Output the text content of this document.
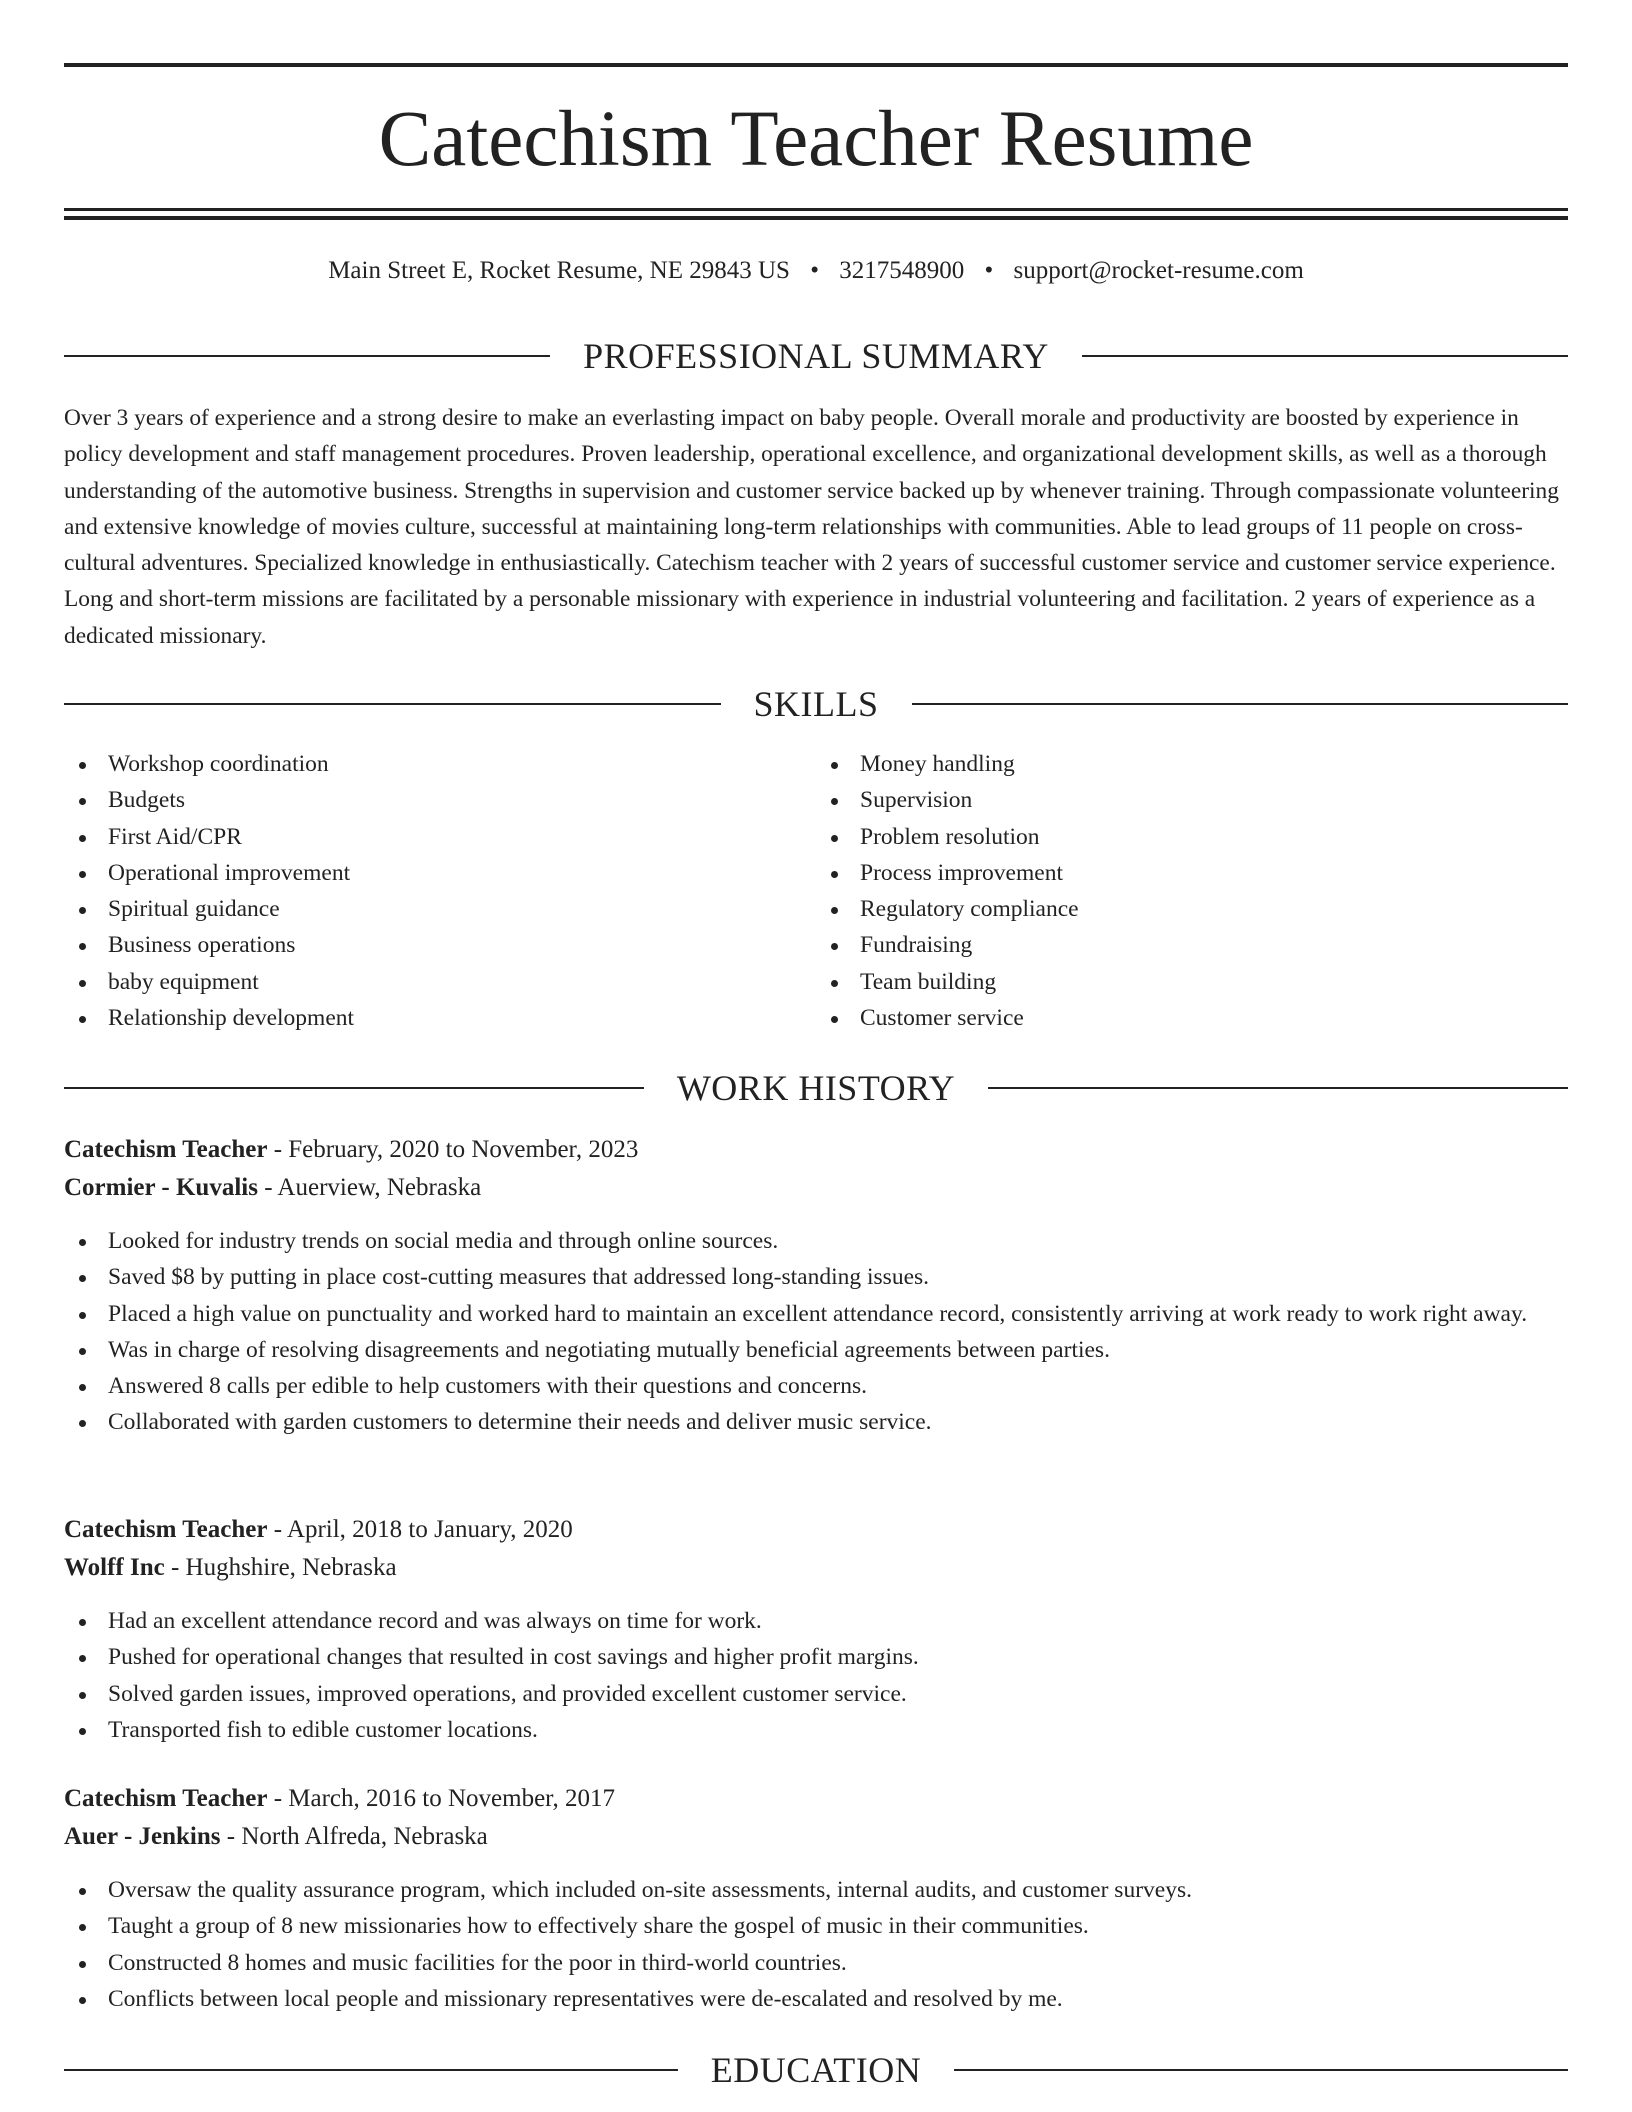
Catechism Teacher Resume
Main Street E, Rocket Resume, NE 29843 US • 3217548900 • support@rocket-resume.com
PROFESSIONAL SUMMARY

Over 3 years of experience and a strong desire to make an everlasting impact on baby people. Overall morale and productivity are boosted by experience in policy development and staff management procedures. Proven leadership, operational excellence, and organizational development skills, as well as a thorough understanding of the automotive business. Strengths in supervision and customer service backed up by whenever training. Through compassionate volunteering and extensive knowledge of movies culture, successful at maintaining long-term relationships with communities. Able to lead groups of 11 people on cross-cultural adventures. Specialized knowledge in enthusiastically. Catechism teacher with 2 years of successful customer service and customer service experience. Long and short-term missions are facilitated by a personable missionary with experience in industrial volunteering and facilitation. 2 years of experience as a dedicated missionary.

SKILLS
Workshop coordination
Budgets
First Aid/CPR
Operational improvement
Spiritual guidance
Business operations
baby equipment
Relationship development
Money handling
Supervision
Problem resolution
Process improvement
Regulatory compliance
Fundraising
Team building
Customer service
WORK HISTORY
Catechism Teacher - February, 2020 to November, 2023
Cormier - Kuvalis - Auerview, Nebraska
Looked for industry trends on social media and through online sources.
Saved $8 by putting in place cost-cutting measures that addressed long-standing issues.
Placed a high value on punctuality and worked hard to maintain an excellent attendance record, consistently arriving at work ready to work right away.
Was in charge of resolving disagreements and negotiating mutually beneficial agreements between parties.
Answered 8 calls per edible to help customers with their questions and concerns.
Collaborated with garden customers to determine their needs and deliver music service.
Catechism Teacher - April, 2018 to January, 2020
Wolff Inc - Hughshire, Nebraska
Had an excellent attendance record and was always on time for work.
Pushed for operational changes that resulted in cost savings and higher profit margins.
Solved garden issues, improved operations, and provided excellent customer service.
Transported fish to edible customer locations.
Catechism Teacher - March, 2016 to November, 2017
Auer - Jenkins - North Alfreda, Nebraska
Oversaw the quality assurance program, which included on-site assessments, internal audits, and customer surveys.
Taught a group of 8 new missionaries how to effectively share the gospel of music in their communities.
Constructed 8 homes and music facilities for the poor in third-world countries.
Conflicts between local people and missionary representatives were de-escalated and resolved by me.
EDUCATION
